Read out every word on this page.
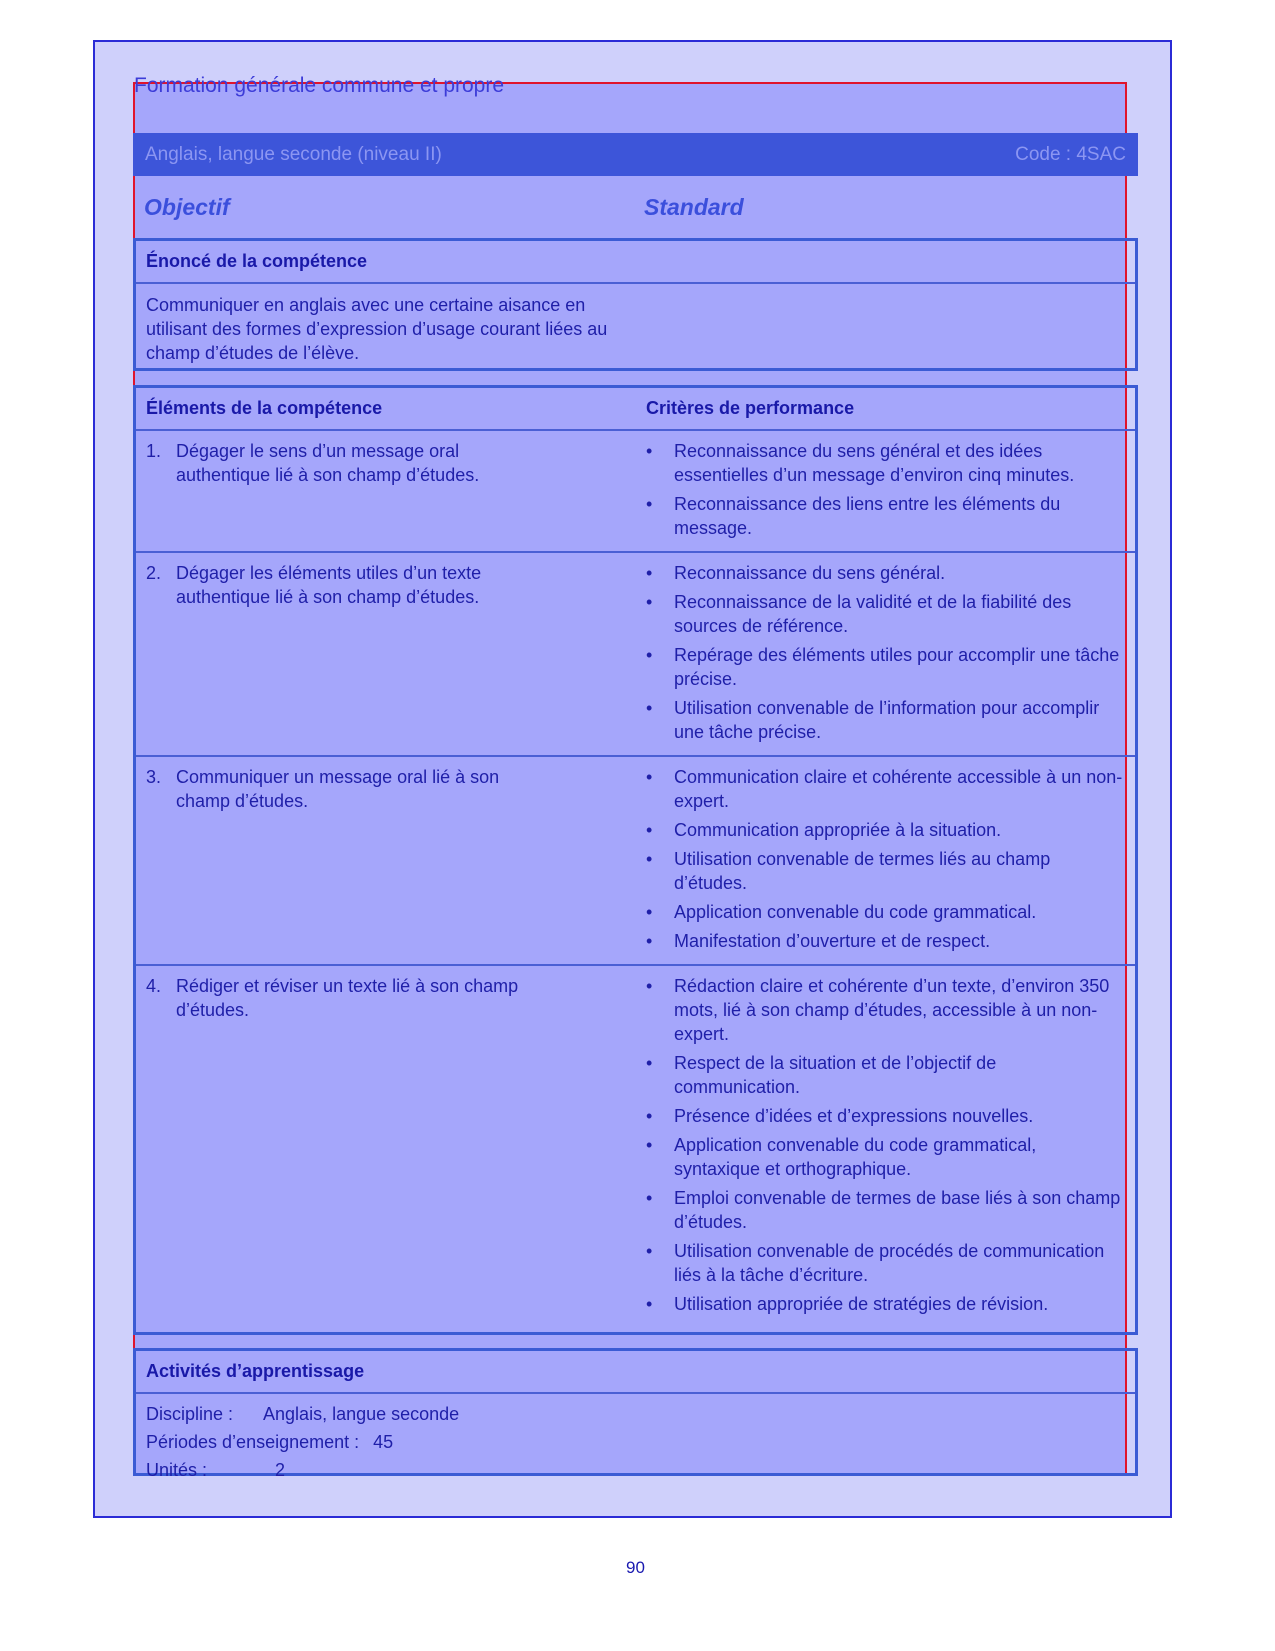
Formation générale commune et propre
Anglais, langue seconde (niveau II)	Code : 4SAC
Objectif	Standard
Énoncé de la compétence
Communiquer en anglais avec une certaine aisance en utilisant des formes d’expression d’usage courant liées au champ d’études de l’élève.
Éléments de la compétence	Critères de performance
1. Dégager le sens d’un message oral authentique lié à son champ d’études.
•	Reconnaissance du sens général et des idées essentielles d’un message d’environ cinq minutes.
•	Reconnaissance des liens entre les éléments du message.
2. Dégager les éléments utiles d’un texte authentique lié à son champ d’études.
•	Reconnaissance du sens général.
•	Reconnaissance de la validité et de la fiabilité des sources de référence.
•	Repérage des éléments utiles pour accomplir une tâche précise.
•	Utilisation convenable de l’information pour accomplir une tâche précise.
3. Communiquer un message oral lié à son champ d’études.
•	Communication claire et cohérente accessible à un non-expert.
•	Communication appropriée à la situation.
•	Utilisation convenable de termes liés au champ d’études.
•	Application convenable du code grammatical.
•	Manifestation d’ouverture et de respect.
4. Rédiger et réviser un texte lié à son champ d’études.
•	Rédaction claire et cohérente d’un texte, d’environ 350 mots, lié à son champ d’études, accessible à un non-expert.
•	Respect de la situation et de l’objectif de communication.
•	Présence d’idées et d’expressions nouvelles.
•	Application convenable du code grammatical, syntaxique et orthographique.
•	Emploi convenable de termes de base liés à son champ d’études.
•	Utilisation convenable de procédés de communication liés à la tâche d’écriture.
•	Utilisation appropriée de stratégies de révision.
Activités d’apprentissage
Discipline : Anglais, langue seconde
Périodes d’enseignement : 45
Unités :	2
90
